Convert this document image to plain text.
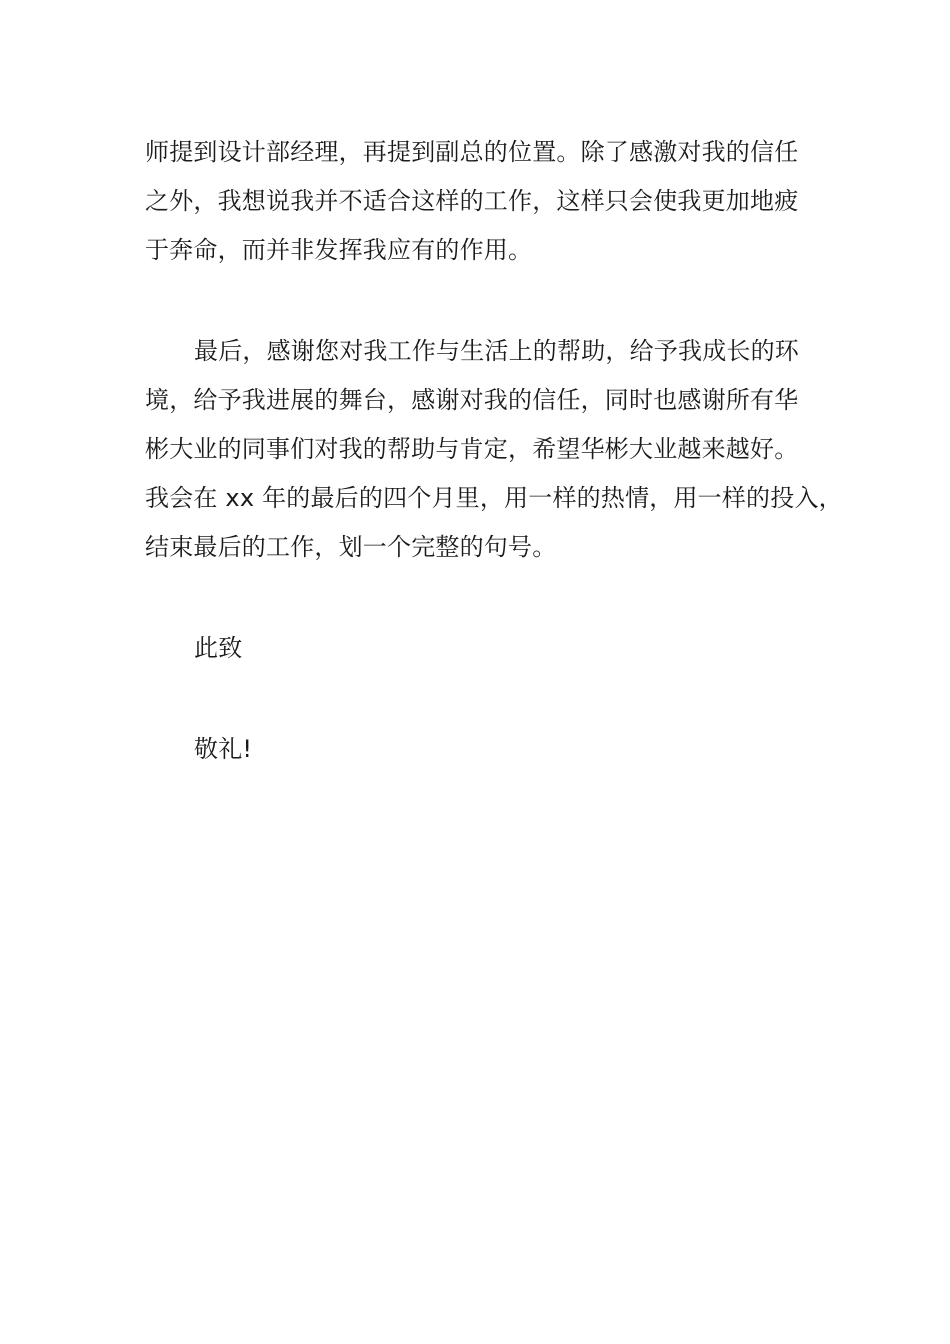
师提到设计部经理，再提到副总的位置。除了感激对我的信任
之外，我想说我并不适合这样的工作，这样只会使我更加地疲
于奔命，而并非发挥我应有的作用。
最后，感谢您对我工作与生活上的帮助，给予我成长的环
境，给予我进展的舞台，感谢对我的信任，同时也感谢所有华
彬大业的同事们对我的帮助与肯定，希望华彬大业越来越好。
我会在 xx 年的最后的四个月里，用一样的热情，用一样的投入，
结束最后的工作，划一个完整的句号。
此致
敬礼!
